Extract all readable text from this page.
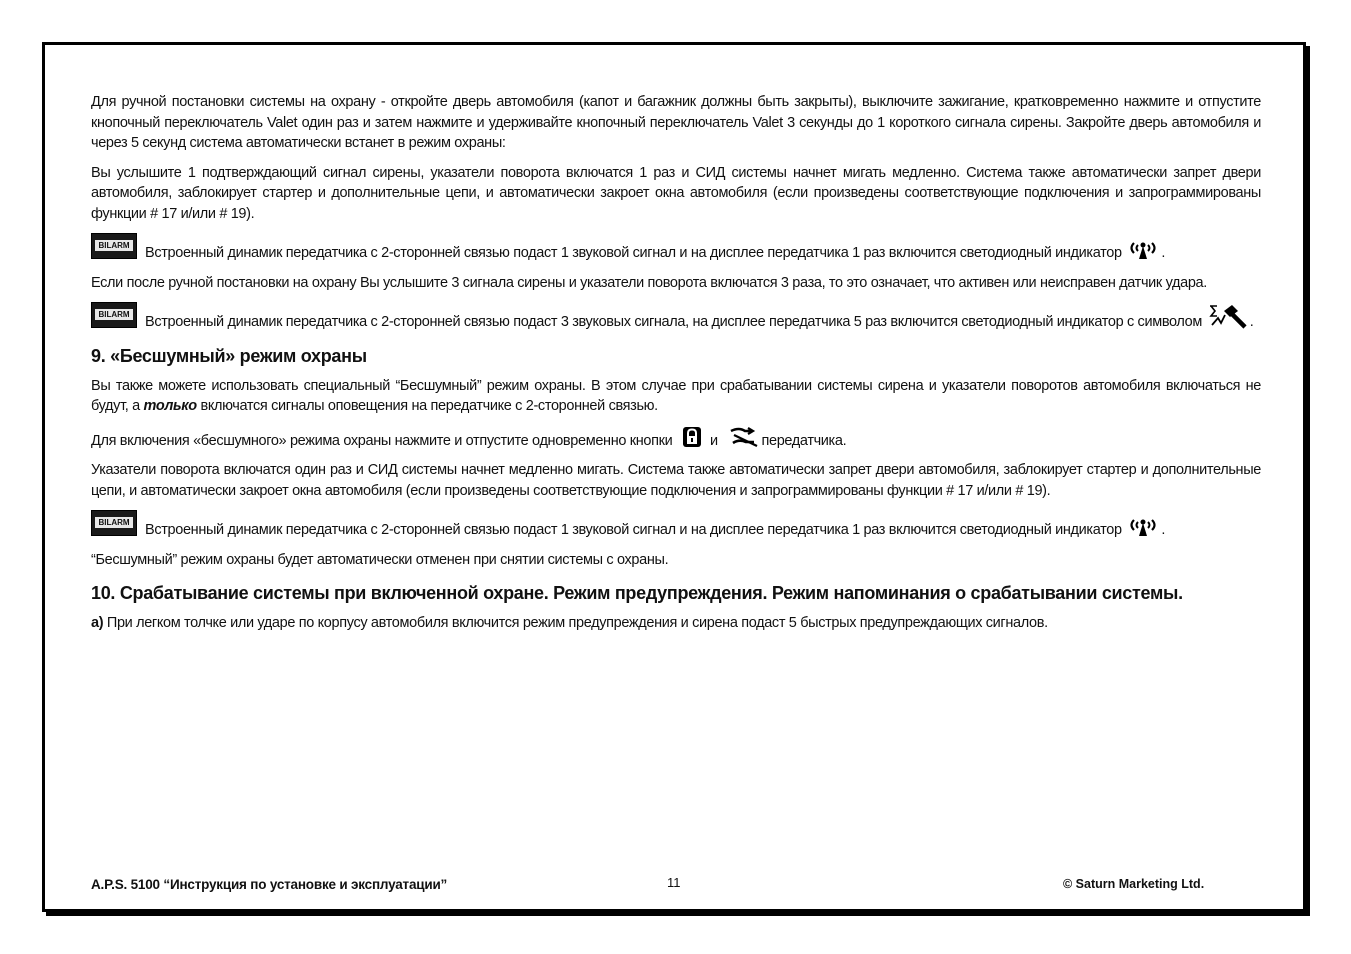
Для ручной постановки системы на охрану - откройте дверь автомобиля (капот и багажник должны быть закрыты), выключите зажигание, кратковременно нажмите и отпустите кнопочный переключатель Valet один раз и затем нажмите и удерживайте кнопочный переключатель Valet 3 секунды до 1 короткого сигнала сирены. Закройте дверь автомобиля и через 5 секунд система автоматически встанет в режим охраны:

Вы услышите 1 подтверждающий сигнал сирены, указатели поворота включатся 1 раз и СИД системы начнет мигать медленно. Система также автоматически запрет двери автомобиля, заблокирует стартер и дополнительные цепи, и автоматически закроет окна автомобиля (если произведены соответствующие подключения и запрограммированы функции # 17 и/или # 19).

BILARM Встроенный динамик передатчика с 2-сторонней связью подаст 1 звуковой сигнал и на дисплее передатчика 1 раз включится светодиодный индикатор	.

Если после ручной постановки на охрану Вы услышите 3 сигнала сирены и указатели поворота включатся 3 раза, то это означает, что активен или неисправен датчик удара.

BILARM Встроенный динамик передатчика с 2-сторонней связью подаст 3 звуковых сигнала, на дисплее передатчика 5 раз включится светодиодный индикатор с символом	.

9. «Бесшумный» режим охраны

Вы также можете использовать специальный “Бесшумный” режим охраны. В этом случае при срабатывании системы сирена и указатели поворотов автомобиля включаться не будут, а только включатся сигналы оповещения на передатчике с 2-сторонней связью.

Для включения «бесшумного» режима охраны нажмите и отпустите одновременно кнопки	и	передатчика.

Указатели поворота включатся один раз и СИД системы начнет медленно мигать. Система также автоматически запрет двери автомобиля, заблокирует стартер и дополнительные цепи, и автоматически закроет окна автомобиля (если произведены соответствующие подключения и запрограммированы функции # 17 и/или # 19).

BILARM Встроенный динамик передатчика с 2-сторонней связью подаст 1 звуковой сигнал и на дисплее передатчика 1 раз включится светодиодный индикатор	.

“Бесшумный” режим охраны будет автоматически отменен при снятии системы с охраны.

10. Срабатывание системы при включенной охране. Режим предупреждения. Режим напоминания о срабатывании системы.

а) При легком толчке или ударе по корпусу автомобиля включится режим предупреждения и сирена подаст 5 быстрых предупреждающих сигналов.

A.P.S. 5100 “Инструкция по установке и эксплуатации”	11	© Saturn Marketing Ltd.
